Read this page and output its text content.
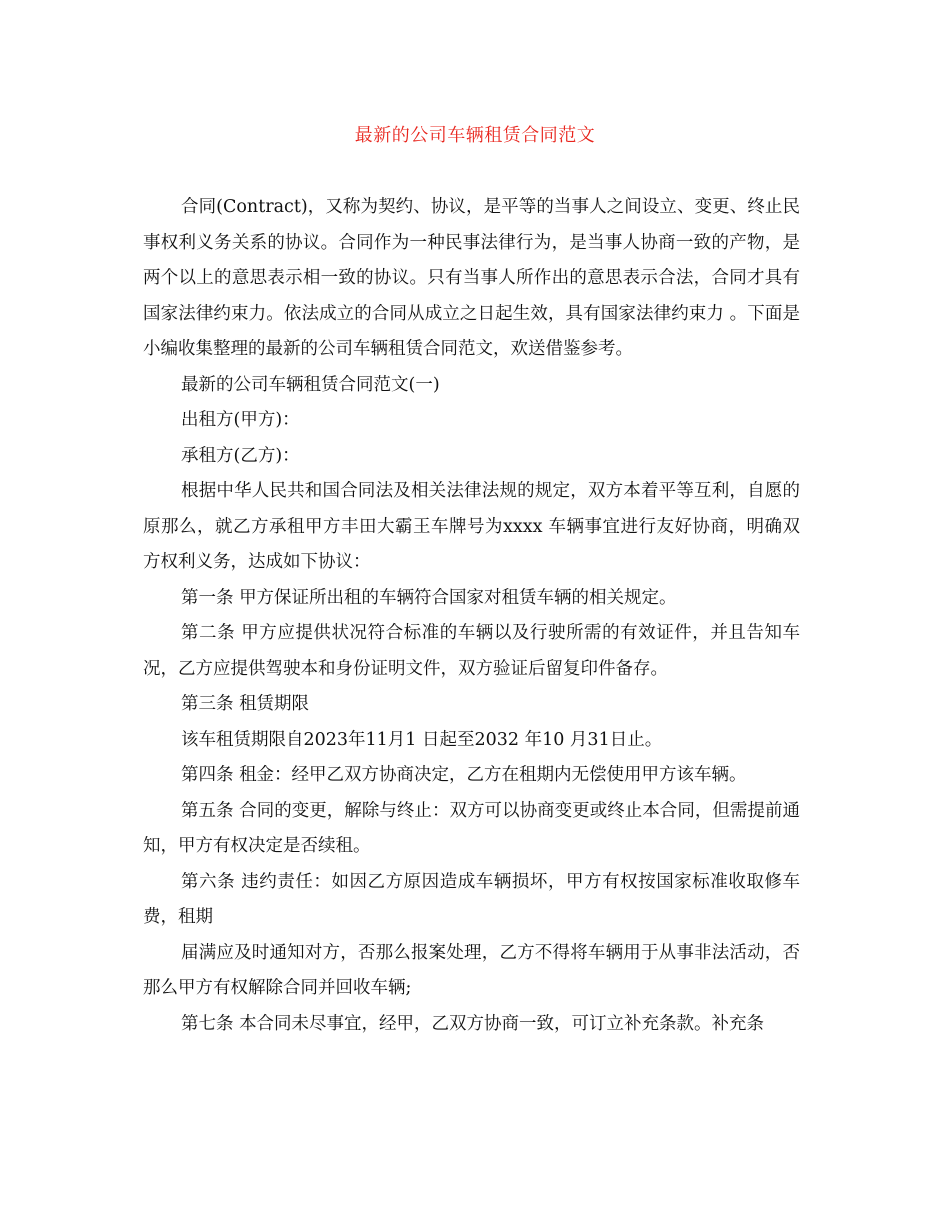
最新的公司车辆租赁合同范文

合同(Contract)，又称为契约、协议，是平等的当事人之间设立、变更、终止民事权利义务关系的协议。合同作为一种民事法律行为，是当事人协商一致的产物，是两个以上的意思表示相一致的协议。只有当事人所作出的意思表示合法，合同才具有国家法律约束力。依法成立的合同从成立之日起生效，具有国家法律约束力 。下面是小编收集整理的最新的公司车辆租赁合同范文，欢送借鉴参考。

最新的公司车辆租赁合同范文(一)

出租方(甲方)：

承租方(乙方)：

根据中华人民共和国合同法及相关法律法规的规定，双方本着平等互利，自愿的原那么，就乙方承租甲方丰田大霸王车牌号为xxxx 车辆事宜进行友好协商，明确双方权利义务，达成如下协议：

第一条 甲方保证所出租的车辆符合国家对租赁车辆的相关规定。

第二条 甲方应提供状况符合标准的车辆以及行驶所需的有效证件，并且告知车况，乙方应提供驾驶本和身份证明文件，双方验证后留复印件备存。

第三条 租赁期限

该车租赁期限自2023年11月1 日起至2032 年10 月31日止。

第四条 租金：经甲乙双方协商决定，乙方在租期内无偿使用甲方该车辆。

第五条 合同的变更，解除与终止：双方可以协商变更或终止本合同，但需提前通知，甲方有权决定是否续租。

第六条 违约责任：如因乙方原因造成车辆损坏，甲方有权按国家标准收取修车费，租期

届满应及时通知对方，否那么报案处理，乙方不得将车辆用于从事非法活动，否那么甲方有权解除合同并回收车辆;

第七条 本合同未尽事宜，经甲，乙双方协商一致，可订立补充条款。补充条
